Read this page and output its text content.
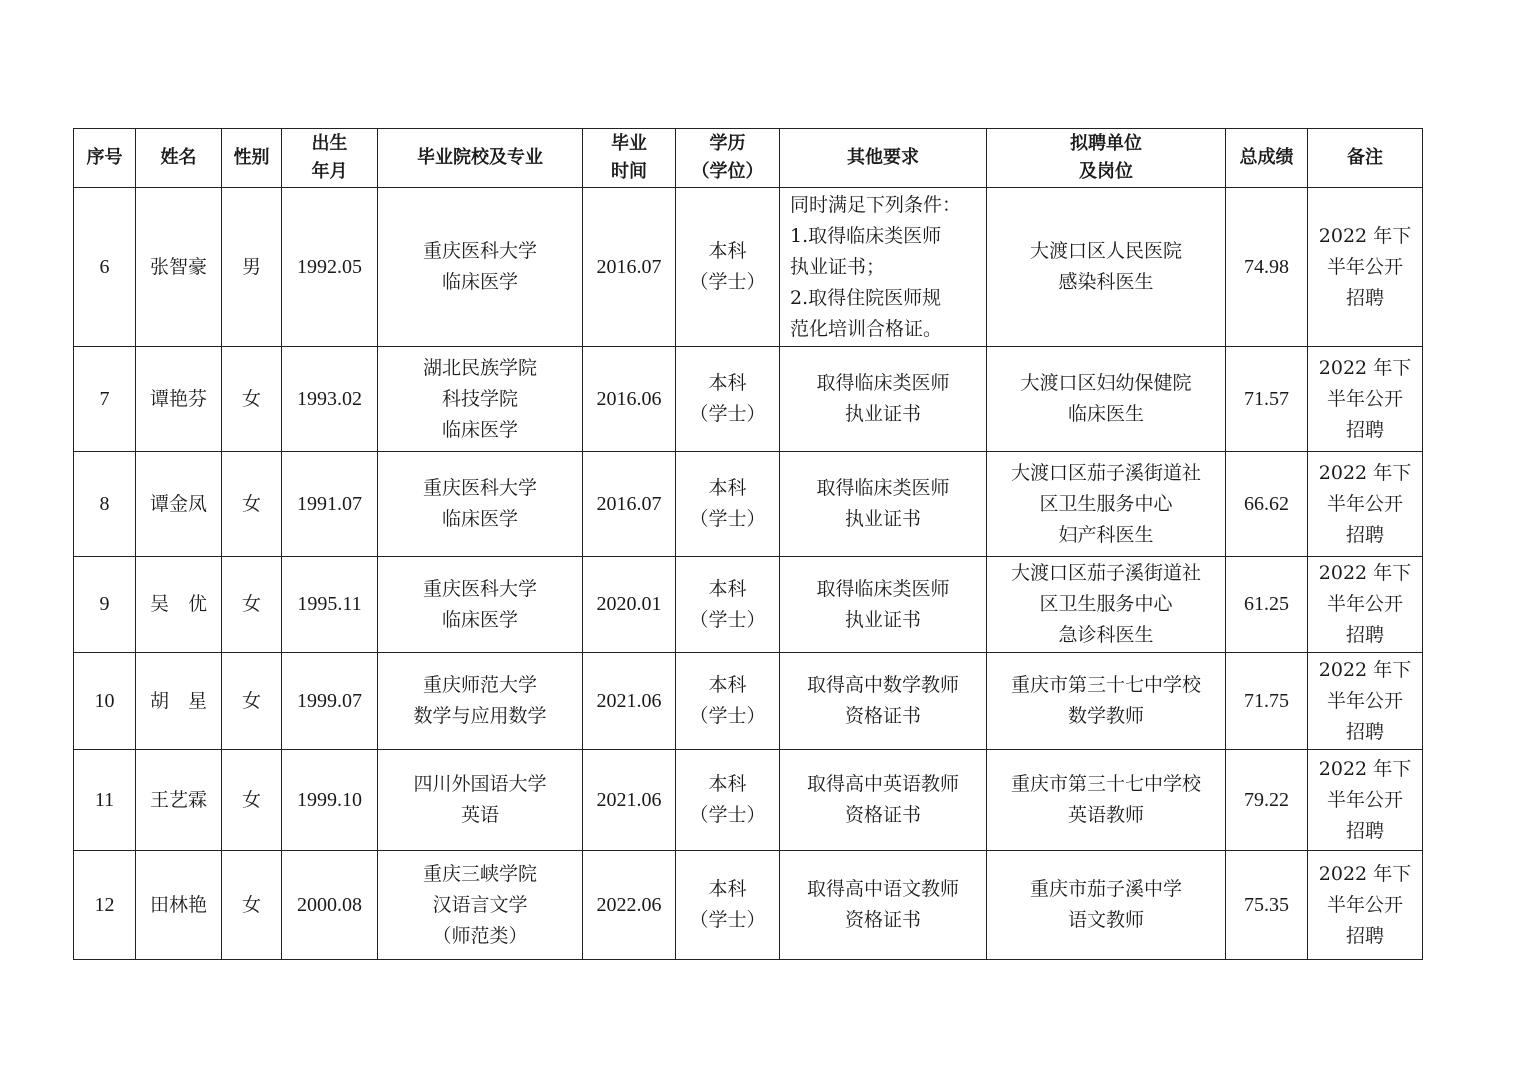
序号	姓名	性别	出生
年月	毕业院校及专业	毕业
时间	学历
（学位）	其他要求	拟聘单位
及岗位	总成绩	备注

6	张智豪	男	1992.05	重庆医科大学
临床医学	2016.07	本科
（学士）	同时满足下列条件：
1.取得临床类医师
执业证书；
2.取得住院医师规
范化培训合格证。	大渡口区人民医院
感染科医生	74.98	2022 年下
半年公开
招聘

7	谭艳芬	女	1993.02	湖北民族学院
科技学院
临床医学	2016.06	本科
（学士）	取得临床类医师
执业证书	大渡口区妇幼保健院
临床医生	71.57	2022 年下
半年公开
招聘

8	谭金凤	女	1991.07	重庆医科大学
临床医学	2016.07	本科
（学士）	取得临床类医师
执业证书	大渡口区茄子溪街道社
区卫生服务中心
妇产科医生	66.62	2022 年下
半年公开
招聘

9	吴　优	女	1995.11	重庆医科大学
临床医学	2020.01	本科
（学士）	取得临床类医师
执业证书	大渡口区茄子溪街道社
区卫生服务中心
急诊科医生	61.25	2022 年下
半年公开
招聘

10	胡　星	女	1999.07	重庆师范大学
数学与应用数学	2021.06	本科
（学士）	取得高中数学教师
资格证书	重庆市第三十七中学校
数学教师	71.75	2022 年下
半年公开
招聘

11	王艺霖	女	1999.10	四川外国语大学
英语	2021.06	本科
（学士）	取得高中英语教师
资格证书	重庆市第三十七中学校
英语教师	79.22	2022 年下
半年公开
招聘

12	田林艳	女	2000.08	重庆三峡学院
汉语言文学
（师范类）	2022.06	本科
（学士）	取得高中语文教师
资格证书	重庆市茄子溪中学
语文教师	75.35	2022 年下
半年公开
招聘
